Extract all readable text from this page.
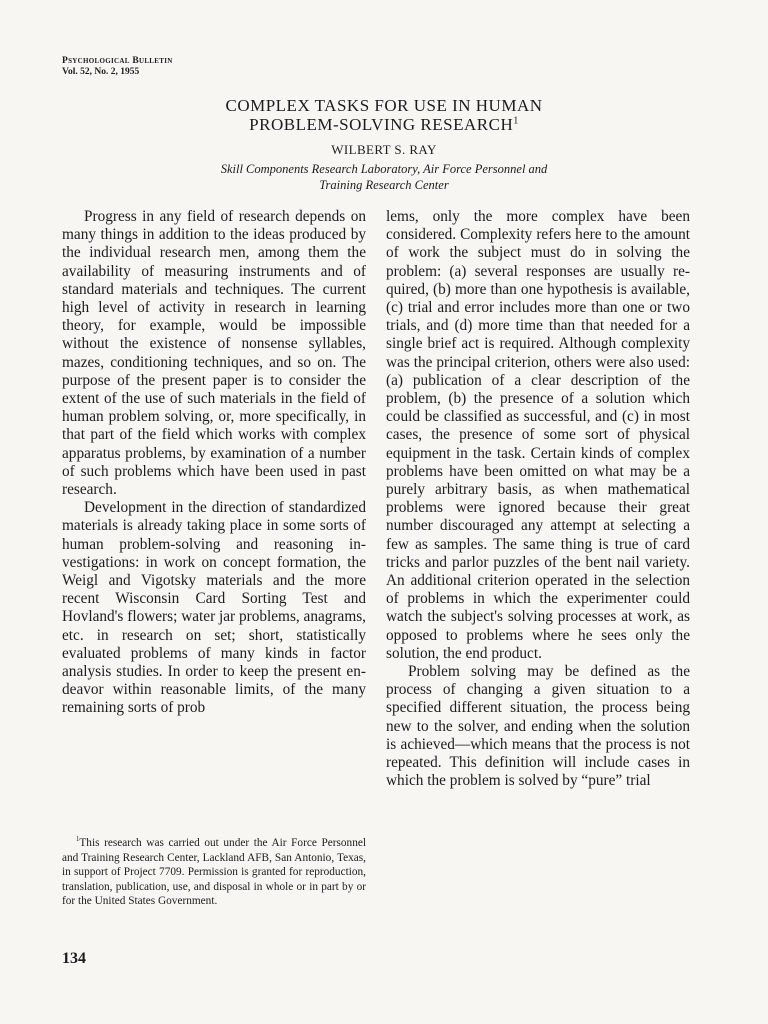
Psychological Bulletin
Vol. 52, No. 2, 1955
COMPLEX TASKS FOR USE IN HUMAN
PROBLEM-SOLVING RESEARCH$^1$
WILBERT S. RAY
Skill Components Research Laboratory, Air Force Personnel and
Training Research Center

Progress in any field of research depends on many things in addition to the ideas produced by the individual research men, among them the availability of measuring instruments and of standard materials and techniques. The current high level of activity in research in learning theory, for example, would be impossible without the existence of nonsense syllables, mazes, conditioning techniques, and so on. The purpose of the present paper is to consider the extent of the use of such materials in the field of human problem solving, or, more specifically, in that part of the field which works with complex apparatus problems, by examination of a number of such problems which have been used in past research.

Development in the direction of standardized materials is already taking place in some sorts of human problem-solving and reasoning investigations: in work on concept formation, the Weigl and Vigotsky materials and the more recent Wisconsin Card Sorting Test and Hovland's flowers; water jar problems, anagrams, etc. in research on set; short, statistically evaluated problems of many kinds in factor analysis studies. In order to keep the present endeavor within reasonable limits, of the many remaining sorts of prob

lems, only the more complex have been considered. Complexity refers here to the amount of work the subject must do in solving the problem: (a) several responses are usually required, (b) more than one hypothesis is available, (c) trial and error includes more than one or two trials, and (d) more time than that needed for a single brief act is required. Although complexity was the principal criterion, others were also used: (a) publication of a clear description of the problem, (b) the presence of a solution which could be classified as successful, and (c) in most cases, the presence of some sort of physical equipment in the task. Certain kinds of complex problems have been omitted on what may be a purely arbitrary basis, as when mathematical problems were ignored because their great number discouraged any attempt at selecting a few as samples. The same thing is true of card tricks and parlor puzzles of the bent nail variety. An additional criterion operated in the selection of problems in which the experimenter could watch the subject's solving processes at work, as opposed to problems where he sees only the solution, the end product.

Problem solving may be defined as the process of changing a given situation to a specified different situation, the process being new to the solver, and ending when the solution is achieved—which means that the process is not repeated. This definition will include cases in which the problem is solved by “pure” trial

$^1$This research was carried out under the Air Force Personnel and Training Research Center, Lackland AFB, San Antonio, Texas, in support of Project 7709. Permission is granted for reproduction, translation, publication, use, and disposal in whole or in part by or for the United States Government.

134
